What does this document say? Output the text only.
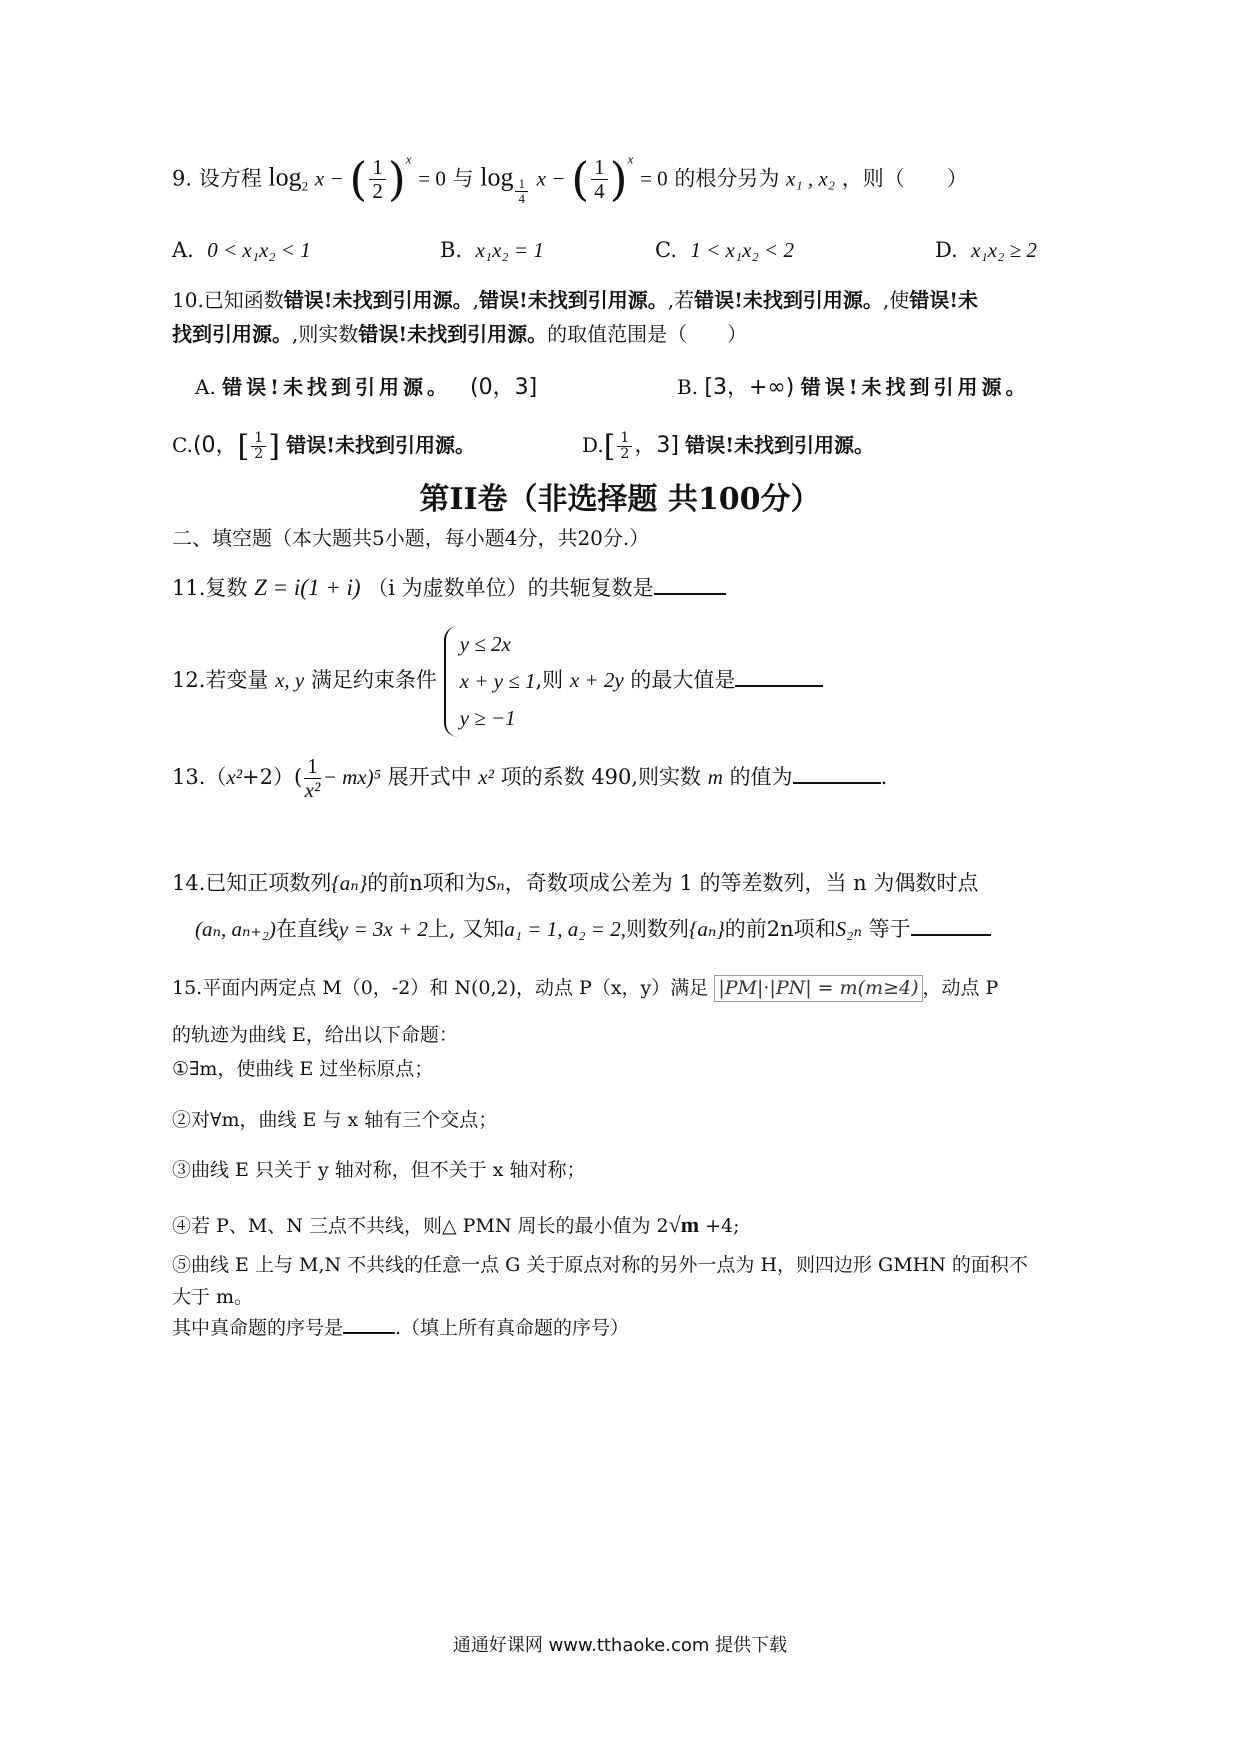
9. 设方程 $\log_2 x$ − ( $\frac{1}{2} )^x = 0$ 与 log
$\frac{1}{4}$ x − ( $\frac{1}{4} )^x = 0$ 的根分另为 x₁ , x₂ ，则（　　）
A. 0 < x₁x₂ < 1	B. x₁x₂ = 1	C. 1 < x₁x₂ < 2	D. x₁x₂ ≥ 2
10.已知函数错误!未找到引用源。,错误!未找到引用源。,若错误!未找到引用源。,使错误!未
找到引用源。,则实数错误!未找到引用源。的取值范围是（　　）
A. 错误!未找到引用源。 (0，3]	B. [3，+∞) 错误!未找到引用源。
C.(0，[ $\frac{1}{2}$ ] 错误!未找到引用源。	$D.[ \frac{1}{2}$ ，3] 错误!未找到引用源。
第II卷（非选择题 共100分）
二、填空题（本大题共5小题，每小题4分，共20分.）
11.复数 Z = i(1 + i) （i 为虚数单位）的共轭复数是
12.若变量 x, y 满足约束条件
y ≤ 2x
x + y ≤ 1
y ≥ −1
,则 x + 2y 的最大值是
$13.(x^2+2)( \frac{1}{\text{x²}} - mx)^5$ 展开式中 x² 项的系数 490,则实数 m 的值为	.
14.已知正项数列{aₙ}的前n项和为Sₙ，奇数项成公差为 1 的等差数列，当 n 为偶数时点
(aₙ, aₙ₊₂)在直线y = 3x + 2上, 又知a₁ = 1, a₂ = 2,则数列{aₙ}的前2n项和S₂ₙ 等于
15.平面内两定点 M（0，-2）和 N(0,2)，动点 P（x，y）满足 |PM|·|PN| = m(m≥4) ，动点 P
的轨迹为曲线 E，给出以下命题：
①∃m，使曲线 E 过坐标原点；
②对∀m，曲线 E 与 x 轴有三个交点；
③曲线 E 只关于 y 轴对称，但不关于 x 轴对称；
④若 P、M、N 三点不共线，则△ PMN 周长的最小值为 2√m +4;
⑤曲线 E 上与 M,N 不共线的任意一点 G 关于原点对称的另外一点为 H，则四边形 GMHN 的面积不
大于 m。
其中真命题的序号是	.（填上所有真命题的序号）
通通好课网 www.tthaoke.com 提供下载
